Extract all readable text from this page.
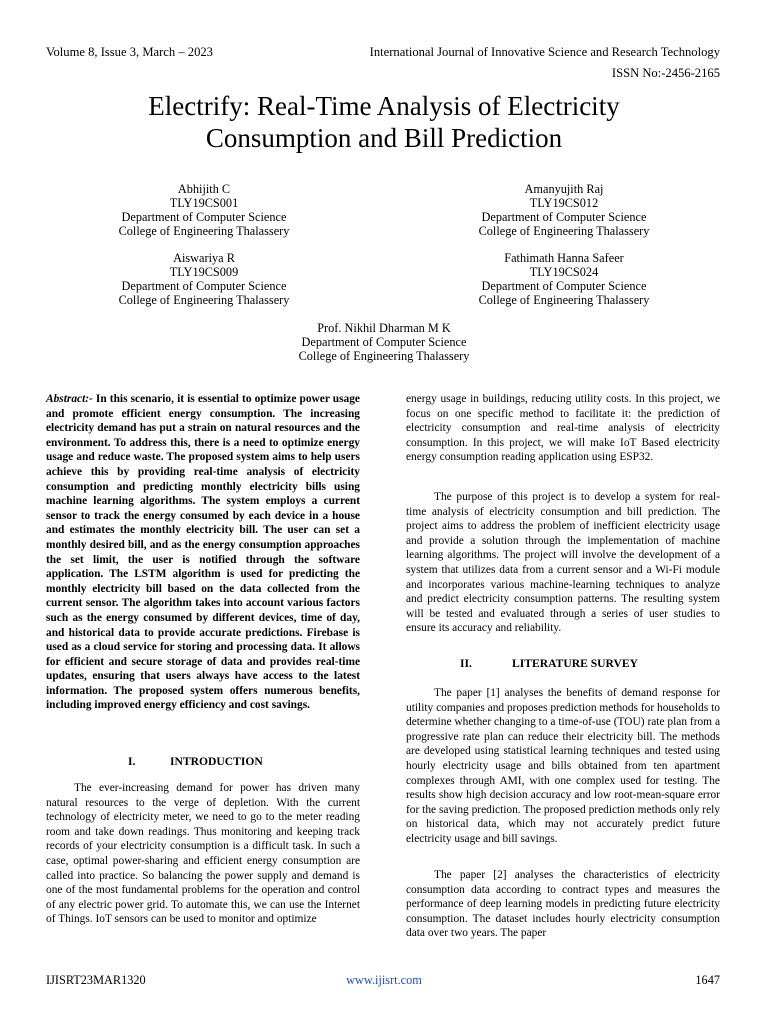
Volume 8, Issue 3, March – 2023	International Journal of Innovative Science and Research Technology
ISSN No:-2456-2165
Electrify: Real-Time Analysis of Electricity
Consumption and Bill Prediction
Abhijith C
TLY19CS001
Department of Computer Science
College of Engineering Thalassery
Amanyujith Raj
TLY19CS012
Department of Computer Science
College of Engineering Thalassery
Aiswariya R
TLY19CS009
Department of Computer Science
College of Engineering Thalassery
Fathimath Hanna Safeer
TLY19CS024
Department of Computer Science
College of Engineering Thalassery
Prof. Nikhil Dharman M K
Department of Computer Science
College of Engineering Thalassery
Abstract:- In this scenario, it is essential to optimize power usage and promote efficient energy consumption. The increasing electricity demand has put a strain on natural resources and the environment. To address this, there is a need to optimize energy usage and reduce waste. The proposed system aims to help users achieve this by providing real-time analysis of electricity consumption and predicting monthly electricity bills using machine learning algorithms. The system employs a current sensor to track the energy consumed by each device in a house and estimates the monthly electricity bill. The user can set a monthly desired bill, and as the energy consumption approaches the set limit, the user is notified through the software application. The LSTM algorithm is used for predicting the monthly electricity bill based on the data collected from the current sensor. The algorithm takes into account various factors such as the energy consumed by different devices, time of day, and historical data to provide accurate predictions. Firebase is used as a cloud service for storing and processing data. It allows for efficient and secure storage of data and provides real-time updates, ensuring that users always have access to the latest information. The proposed system offers numerous benefits, including improved energy efficiency and cost savings.
I.	INTRODUCTION
The ever-increasing demand for power has driven many natural resources to the verge of depletion. With the current technology of electricity meter, we need to go to the meter reading room and take down readings. Thus monitoring and keeping track records of your electricity consumption is a difficult task. In such a case, optimal power-sharing and efficient energy consumption are called into practice. So balancing the power supply and demand is one of the most fundamental problems for the operation and control of any electric power grid. To automate this, we can use the Internet of Things. IoT sensors can be used to monitor and optimize
energy usage in buildings, reducing utility costs. In this project, we focus on one specific method to facilitate it: the prediction of electricity consumption and real-time analysis of electricity consumption. In this project, we will make IoT Based electricity energy consumption reading application using ESP32.
The purpose of this project is to develop a system for real-time analysis of electricity consumption and bill prediction. The project aims to address the problem of inefficient electricity usage and provide a solution through the implementation of machine learning algorithms. The project will involve the development of a system that utilizes data from a current sensor and a Wi-Fi module and incorporates various machine-learning techniques to analyze and predict electricity consumption patterns. The resulting system will be tested and evaluated through a series of user studies to ensure its accuracy and reliability.
II.	LITERATURE SURVEY
The paper [1] analyses the benefits of demand response for utility companies and proposes prediction methods for households to determine whether changing to a time-of-use (TOU) rate plan from a progressive rate plan can reduce their electricity bill. The methods are developed using statistical learning techniques and tested using hourly electricity usage and bills obtained from ten apartment complexes through AMI, with one complex used for testing. The results show high decision accuracy and low root-mean-square error for the saving prediction. The proposed prediction methods only rely on historical data, which may not accurately predict future electricity usage and bill savings.
The paper [2] analyses the characteristics of electricity consumption data according to contract types and measures the performance of deep learning models in predicting future electricity consumption. The dataset includes hourly electricity consumption data over two years. The paper
IJISRT23MAR1320	www.ijisrt.com	1647
